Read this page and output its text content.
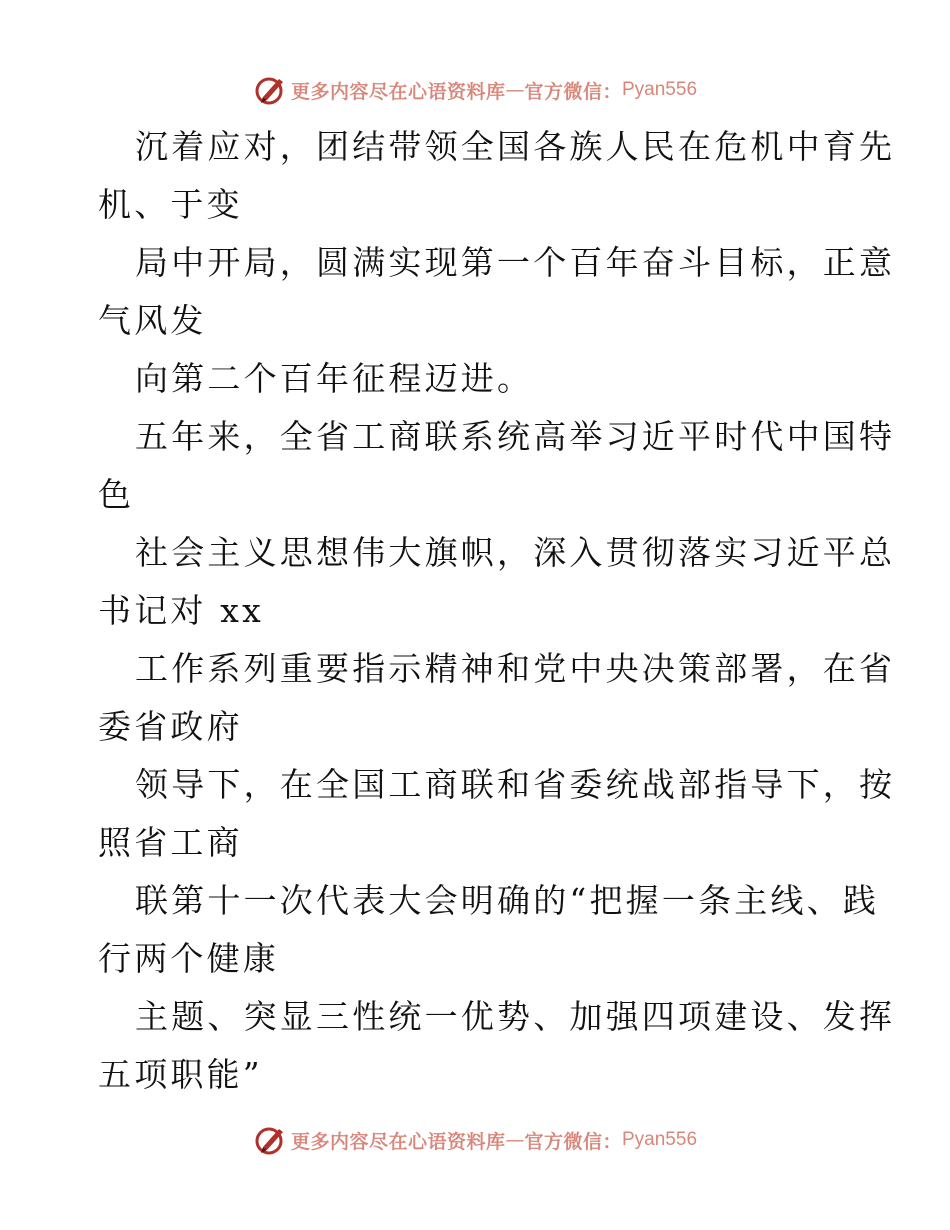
更多内容尽在心语资料库 — 官方微信： Pyan556
沉着应对，团结带领全国各族人民在危机中育先
机、于变
局中开局，圆满实现第一个百年奋斗目标，正意
气风发
向第二个百年征程迈进。
五年来，全省工商联系统高举习近平时代中国特
色
社会主义思想伟大旗帜，深入贯彻落实习近平总
书记对 xx
工作系列重要指示精神和党中央决策部署，在省
委省政府
领导下，在全国工商联和省委统战部指导下，按
照省工商
联第十一次代表大会明确的“把握一条主线、践
行两个健康
主题、突显三性统一优势、加强四项建设、发挥
五项职能”
更多内容尽在心语资料库 — 官方微信： Pyan556
